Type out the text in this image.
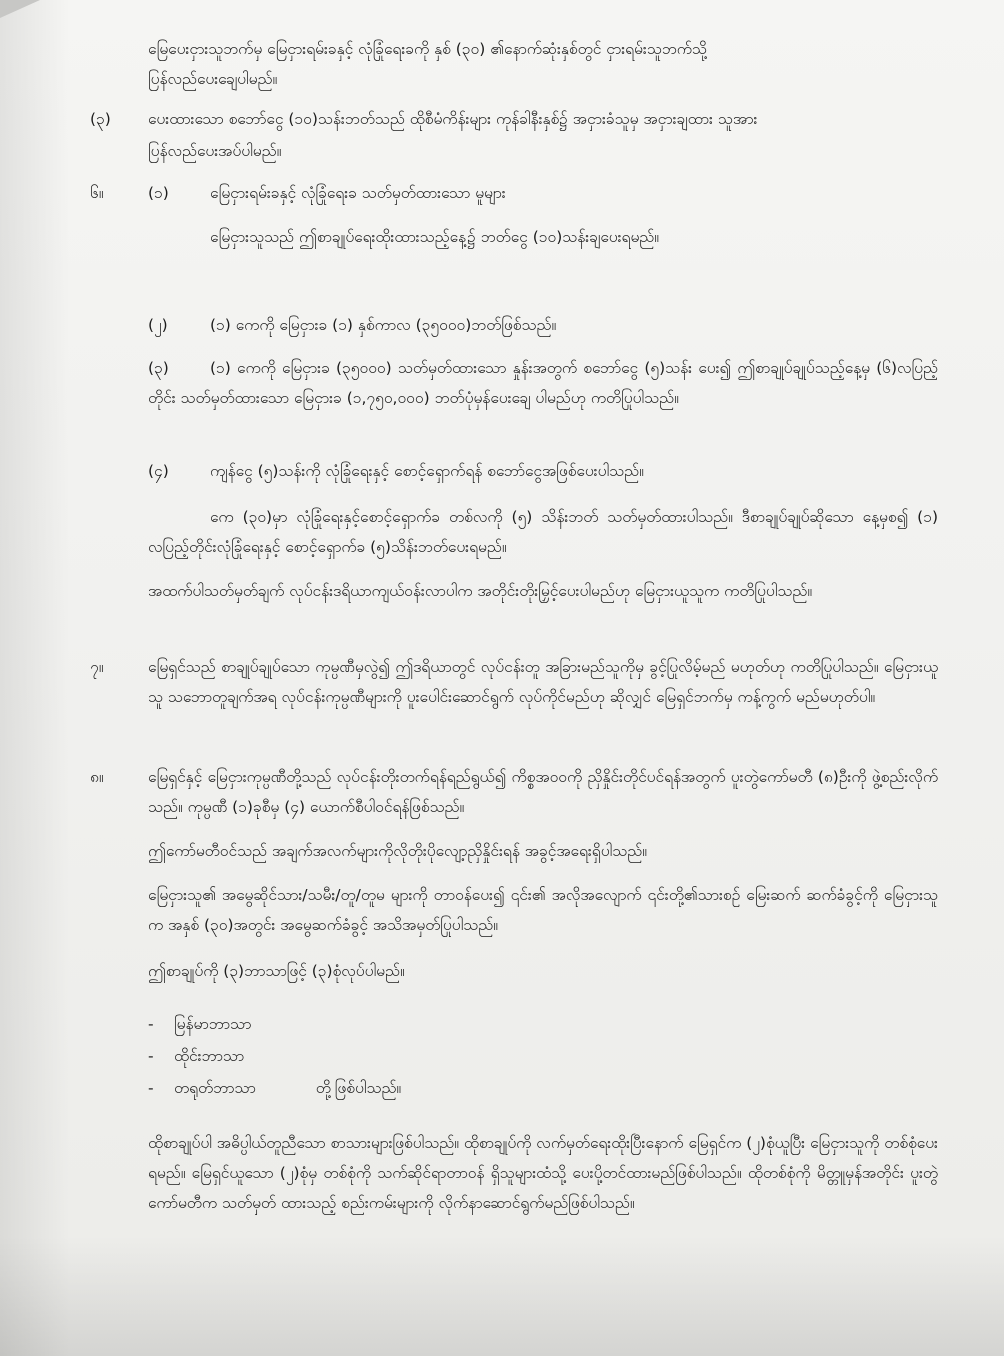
မြေပေးငှားသူဘက်မှ မြေငှားရမ်းခနှင့် လုံခြုံရေးခကို နှစ် (၃၀) ၏နောက်ဆုံးနှစ်တွင် ငှားရမ်းသူဘက်သို့

ပြန်လည်ပေးချေပါမည်။

(၃) ပေးထားသော စဘော်ငွေ (၁၀)သန်းဘတ်သည် ထိုစီမံကိန်းများ ကုန်ခါနီးနှစ်၌ အငှားခံသူမှ အငှားချထား သူအား

ပြန်လည်ပေးအပ်ပါမည်။

၆။	(၁)	မြေငှားရမ်းခနှင့် လုံခြုံရေးခ သတ်မှတ်ထားသော မူများ

မြေငှားသူသည် ဤစာချုပ်ရေးထိုးထားသည့်နေ့၌ ဘတ်ငွေ (၁၀)သန်းချပေးရမည်။

(၂)	(၁) ကေကို မြေငှားခ (၁) နှစ်ကာလ (၃၅၀၀၀)ဘတ်ဖြစ်သည်။

(၃)	(၁) ကေကို မြေငှားခ (၃၅၀၀၀) သတ်မှတ်ထားသော နှုန်းအတွက် စဘော်ငွေ (၅)သန်း ပေး၍ ဤစာချုပ်ချုပ်သည့်နေ့မှ (၆)လပြည့်တိုင်း သတ်မှတ်ထားသော မြေငှားခ (၁,၇၅၀,၀၀၀) ဘတ်ပုံမှန်ပေးချေ ပါမည်ဟု ကတိပြုပါသည်။

(၄)	ကျန်ငွေ (၅)သန်းကို လုံခြုံရေးနှင့် စောင့်ရှောက်ရန် စဘော်ငွေအဖြစ်ပေးပါသည်။

ကေ (၃၀)မှာ လုံခြုံရေးနှင့်စောင့်ရှောက်ခ တစ်လကို (၅) သိန်းဘတ် သတ်မှတ်ထားပါသည်။ ဒီစာချုပ်ချုပ်ဆိုသော နေ့မှစ၍ (၁) လပြည့်တိုင်းလုံခြုံရေးနှင့် စောင့်ရှောက်ခ (၅)သိန်းဘတ်ပေးရမည်။

အထက်ပါသတ်မှတ်ချက် လုပ်ငန်းဒရိယာကျယ်ဝန်းလာပါက အတိုင်းတိုးမြှင့်ပေးပါမည်ဟု မြေငှားယူသူက ကတိပြုပါသည်။

၇။	မြေရှင်သည် စာချုပ်ချုပ်သော ကုမ္ပဏီမှလွဲ၍ ဤဒရိယာတွင် လုပ်ငန်းတူ အခြားမည်သူကိုမှ ခွင့်ပြုလိမ့်မည် မဟုတ်ဟု ကတိပြုပါသည်။ မြေငှားယူသူ သဘောတူချက်အရ လုပ်ငန်းကုမ္ပဏီများကို ပူးပေါင်းဆောင်ရွက် လုပ်ကိုင်မည်ဟု ဆိုလျှင် မြေရှင်ဘက်မှ ကန့်ကွက် မည်မဟုတ်ပါ။

၈။	မြေရှင်နှင့် မြေငှားကုမ္ပဏီတို့သည် လုပ်ငန်းတိုးတက်ရန်ရည်ရွယ်၍ ကိစ္စအဝဝကို ညှိနှိုင်းတိုင်ပင်ရန်အတွက် ပူးတွဲကော်မတီ (၈)ဦးကို ဖွဲ့စည်းလိုက်သည်။ ကုမ္ပဏီ (၁)ခုစီမှ (၄) ယောက်စီပါဝင်ရန်ဖြစ်သည်။

ဤကော်မတီဝင်သည် အချက်အလက်များကိုလိုတိုးပိုလျော့ညှိနှိုင်းရန် အခွင့်အရေးရှိပါသည်။

မြေငှားသူ၏ အမွေဆိုင်သား/သမီး/တူ/တူမ များကို တာဝန်ပေး၍ ၎င်း၏ အလိုအလျောက် ၎င်းတို့၏သားစဉ် မြေးဆက် ဆက်ခံခွင့်ကို မြေငှားသူက အနှစ် (၃၀)အတွင်း အမွေဆက်ခံခွင့် အသိအမှတ်ပြုပါသည်။

ဤစာချုပ်ကို (၃)ဘာသာဖြင့် (၃)စုံလုပ်ပါမည်။

- မြန်မာဘာသာ

- ထိုင်းဘာသာ

- တရုတ်ဘာသာ	တို့ဖြစ်ပါသည်။

ထိုစာချုပ်ပါ အဓိပ္ပါယ်တူညီသော စာသားများဖြစ်ပါသည်။ ထိုစာချုပ်ကို လက်မှတ်ရေးထိုးပြီးနောက် မြေရှင်က (၂)စုံယူပြီး မြေငှားသူကို တစ်စုံပေးရမည်။ မြေရှင်ယူသော (၂)စုံမှ တစ်စုံကို သက်ဆိုင်ရာတာဝန် ရှိသူများထံသို့ ပေးပို့တင်ထားမည်ဖြစ်ပါသည်။ ထိုတစ်စုံကို မိတ္တူမှန်အတိုင်း ပူးတွဲကော်မတီက သတ်မှတ် ထားသည့် စည်းကမ်းများကို လိုက်နာဆောင်ရွက်မည်ဖြစ်ပါသည်။
